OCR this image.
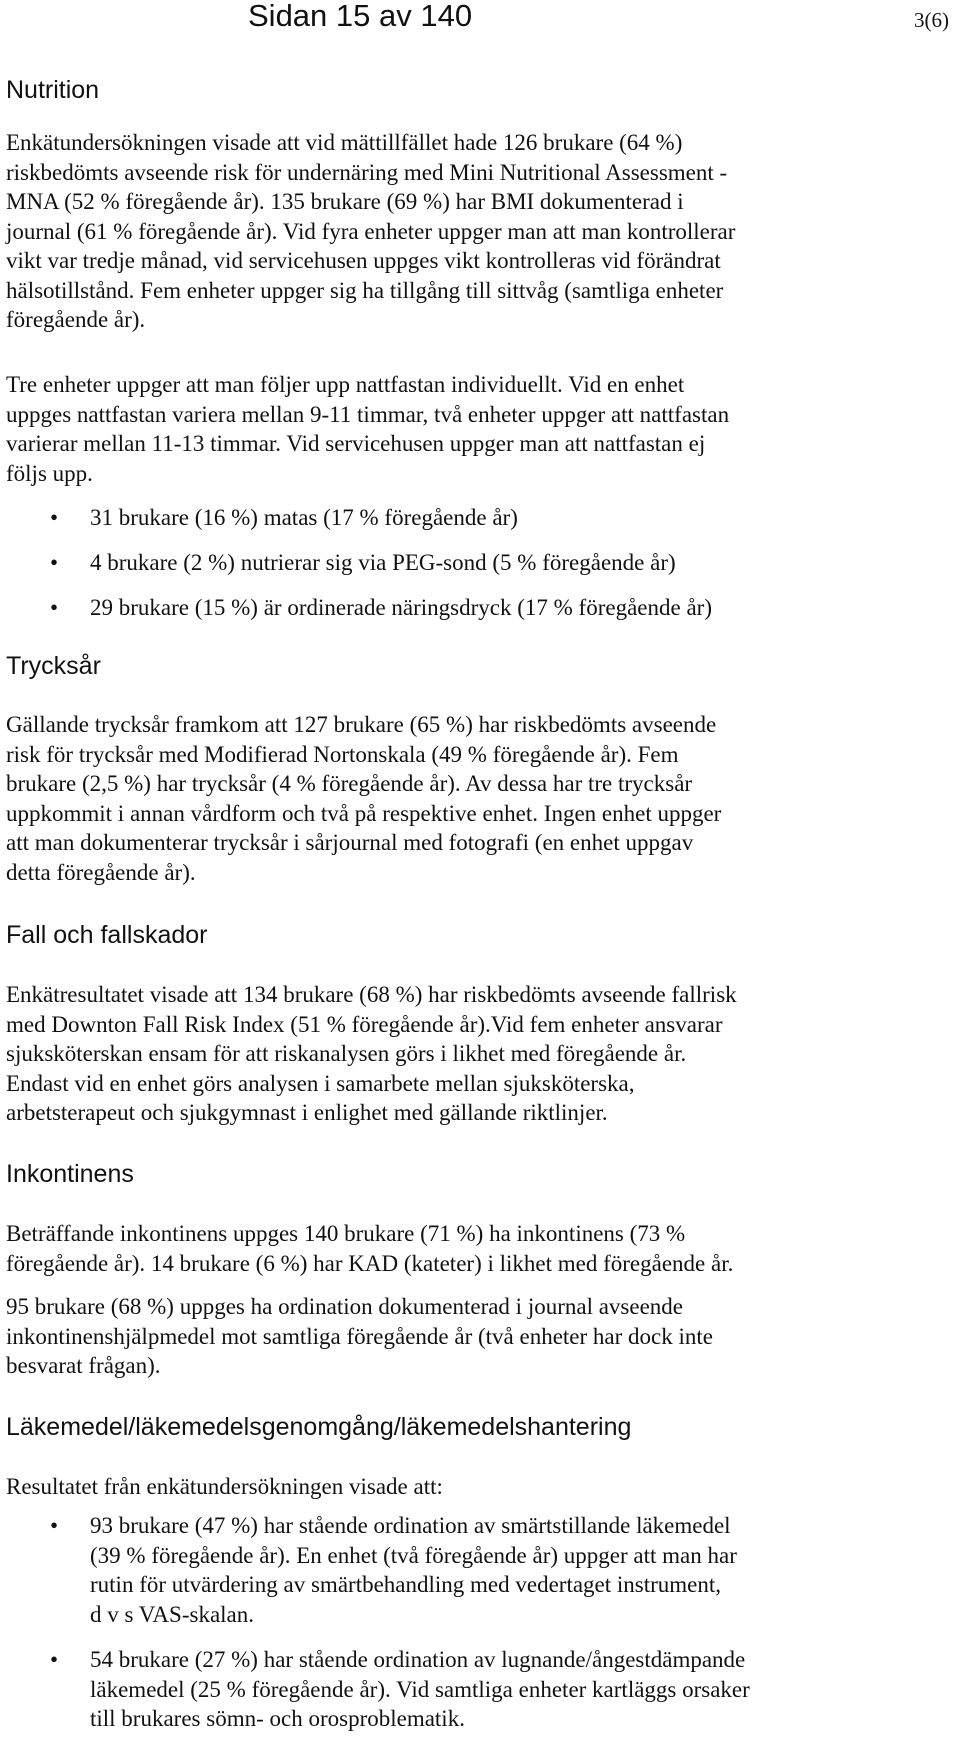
Sidan 15 av 140	3(6)
Nutrition
Enkätundersökningen visade att vid mättillfället hade 126 brukare (64 %)
riskbedömts avseende risk för undernäring med Mini Nutritional Assessment -
MNA (52 % föregående år). 135 brukare (69 %) har BMI dokumenterad i
journal (61 % föregående år). Vid fyra enheter uppger man att man kontrollerar
vikt var tredje månad, vid servicehusen uppges vikt kontrolleras vid förändrat
hälsotillstånd. Fem enheter uppger sig ha tillgång till sittvåg (samtliga enheter
föregående år).
Tre enheter uppger att man följer upp nattfastan individuellt. Vid en enhet
uppges nattfastan variera mellan 9-11 timmar, två enheter uppger att nattfastan
varierar mellan 11-13 timmar. Vid servicehusen uppger man att nattfastan ej
följs upp.
• 31 brukare (16 %) matas (17 % föregående år)
• 4 brukare (2 %) nutrierar sig via PEG-sond (5 % föregående år)
• 29 brukare (15 %) är ordinerade näringsdryck (17 % föregående år)
Trycksår
Gällande trycksår framkom att 127 brukare (65 %) har riskbedömts avseende
risk för trycksår med Modifierad Nortonskala (49 % föregående år). Fem
brukare (2,5 %) har trycksår (4 % föregående år). Av dessa har tre trycksår
uppkommit i annan vårdform och två på respektive enhet. Ingen enhet uppger
att man dokumenterar trycksår i sårjournal med fotografi (en enhet uppgav
detta föregående år).
Fall och fallskador
Enkätresultatet visade att 134 brukare (68 %) har riskbedömts avseende fallrisk
med Downton Fall Risk Index (51 % föregående år).Vid fem enheter ansvarar
sjuksköterskan ensam för att riskanalysen görs i likhet med föregående år.
Endast vid en enhet görs analysen i samarbete mellan sjuksköterska,
arbetsterapeut och sjukgymnast i enlighet med gällande riktlinjer.
Inkontinens
Beträffande inkontinens uppges 140 brukare (71 %) ha inkontinens (73 %
föregående år). 14 brukare (6 %) har KAD (kateter) i likhet med föregående år.
95 brukare (68 %) uppges ha ordination dokumenterad i journal avseende
inkontinenshjälpmedel mot samtliga föregående år (två enheter har dock inte
besvarat frågan).
Läkemedel/läkemedelsgenomgång/läkemedelshantering
Resultatet från enkätundersökningen visade att:
• 93 brukare (47 %) har stående ordination av smärtstillande läkemedel
(39 % föregående år). En enhet (två föregående år) uppger att man har
rutin för utvärdering av smärtbehandling med vedertaget instrument,
d v s VAS-skalan.
• 54 brukare (27 %) har stående ordination av lugnande/ångestdämpande
läkemedel (25 % föregående år). Vid samtliga enheter kartläggs orsaker
till brukares sömn- och orosproblematik.
